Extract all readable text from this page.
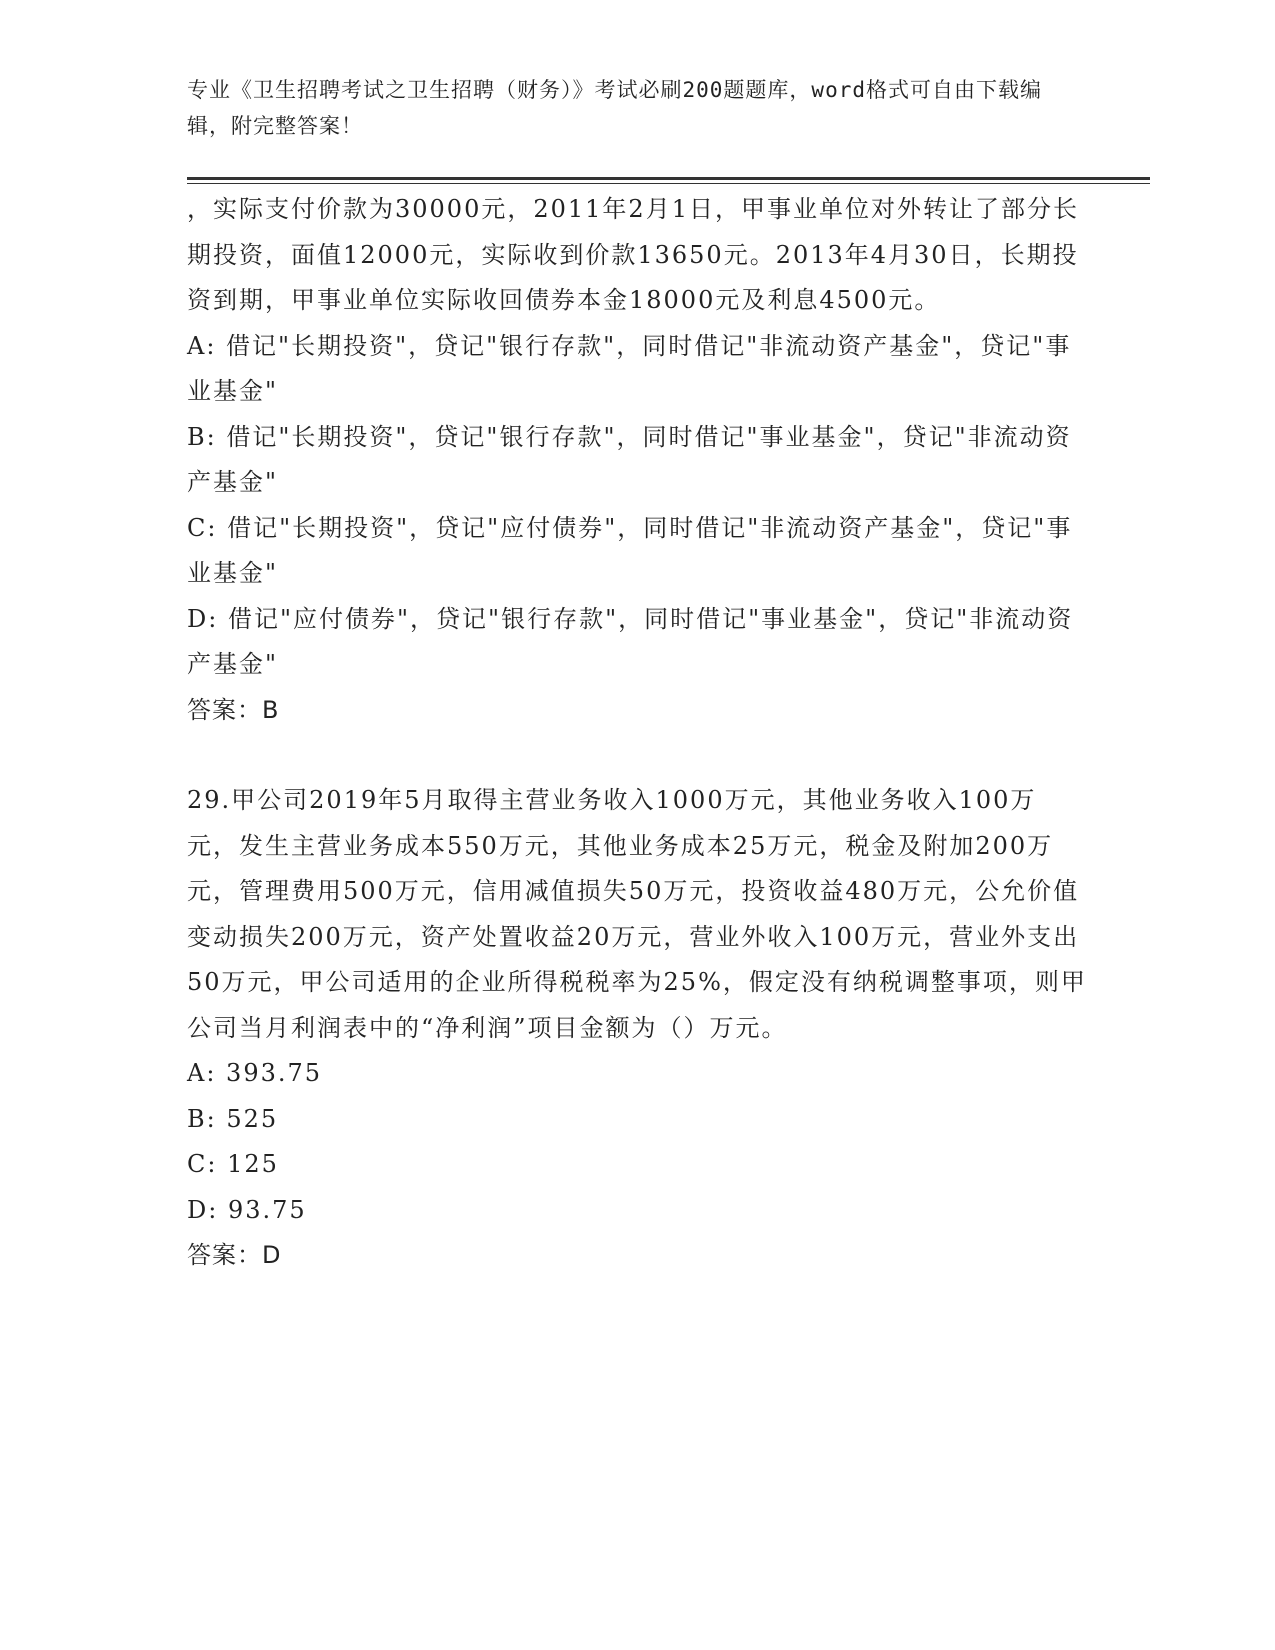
专业《卫生招聘考试之卫生招聘（财务）》考试必刷200题题库，word格式可自由下载编辑，附完整答案！

，实际支付价款为30000元，2011年2月1日，甲事业单位对外转让了部分长期投资，面值12000元，实际收到价款13650元。2013年4月30日，长期投资到期，甲事业单位实际收回债券本金18000元及利息4500元。

A: 借记"长期投资"，贷记"银行存款"，同时借记"非流动资产基金"，贷记"事业基金"

B: 借记"长期投资"，贷记"银行存款"，同时借记"事业基金"，贷记"非流动资产基金"

C: 借记"长期投资"，贷记"应付债券"，同时借记"非流动资产基金"，贷记"事业基金"

D: 借记"应付债券"，贷记"银行存款"，同时借记"事业基金"，贷记"非流动资产基金"

答案：B

29.甲公司2019年5月取得主营业务收入1000万元，其他业务收入100万元，发生主营业务成本550万元，其他业务成本25万元，税金及附加200万元，管理费用500万元，信用减值损失50万元，投资收益480万元，公允价值变动损失200万元，资产处置收益20万元，营业外收入100万元，营业外支出50万元，甲公司适用的企业所得税税率为25%，假定没有纳税调整事项，则甲公司当月利润表中的“净利润”项目金额为（）万元。

A: 393.75

B: 525

C: 125

D: 93.75

答案：D
